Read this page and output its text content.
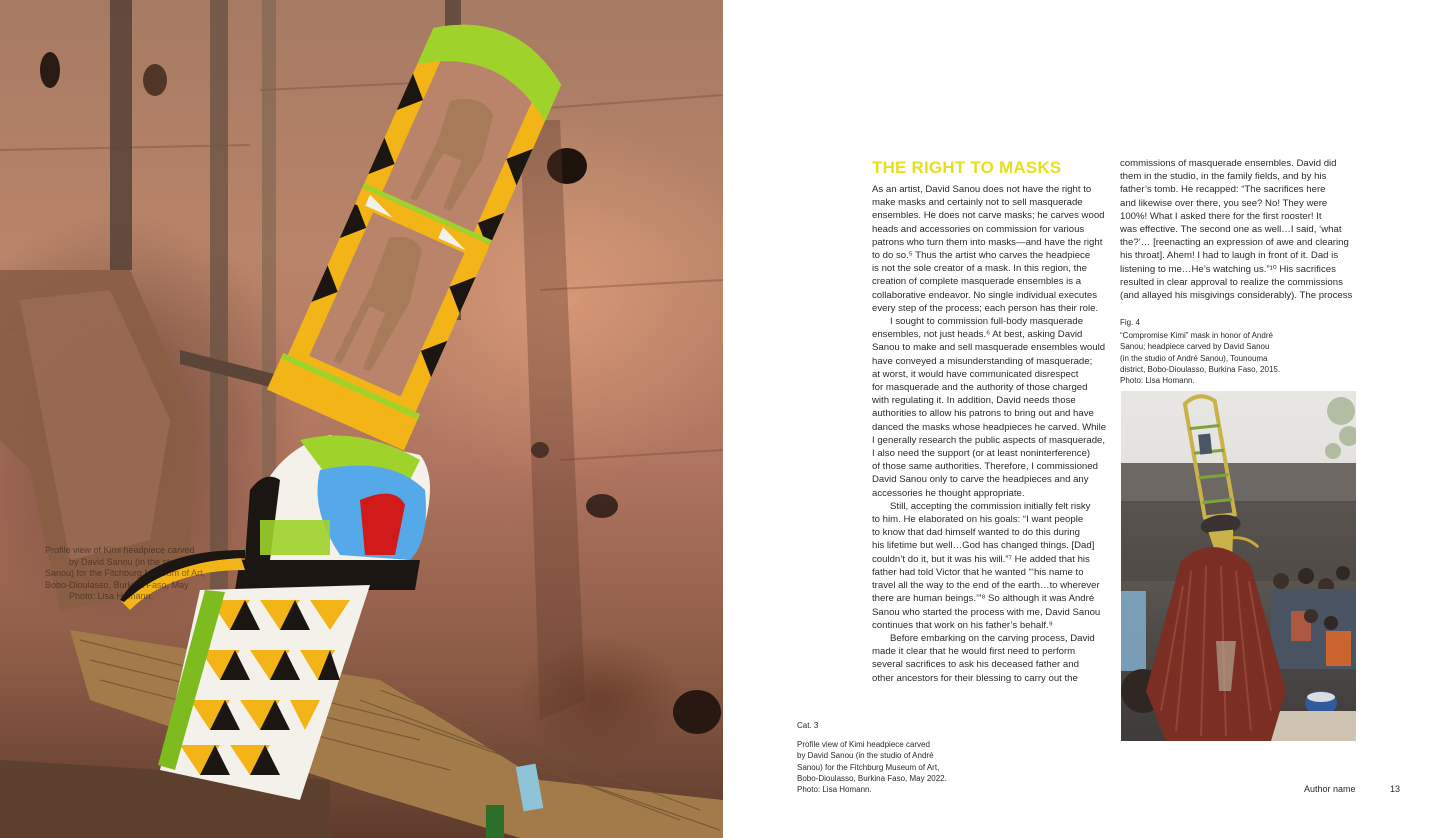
Profile view of Kimi headpiece carved
by David Sanou (in the studio of
Sanou) for the Fitchburg Museum of Art,
Bobo-Dioulasso, Burkina Faso, May
Photo: Lisa Homann.
THE RIGHT TO MASKS

As an artist, David Sanou does not have the right to

make masks and certainly not to sell masquerade

ensembles. He does not carve masks; he carves wood

heads and accessories on commission for various

patrons who turn them into masks—and have the right

to do so.⁵ Thus the artist who carves the headpiece

is not the sole creator of a mask. In this region, the

creation of complete masquerade ensembles is a

collaborative endeavor. No single individual executes

every step of the process; each person has their role.

I sought to commission full-body masquerade

ensembles, not just heads.⁶ At best, asking David

Sanou to make and sell masquerade ensembles would

have conveyed a misunderstanding of masquerade;

at worst, it would have communicated disrespect

for masquerade and the authority of those charged

with regulating it. In addition, David needs those

authorities to allow his patrons to bring out and have

danced the masks whose headpieces he carved. While

I generally research the public aspects of masquerade,

I also need the support (or at least noninterference)

of those same authorities. Therefore, I commissioned

David Sanou only to carve the headpieces and any

accessories he thought appropriate.

Still, accepting the commission initially felt risky

to him. He elaborated on his goals: “I want people

to know that dad himself wanted to do this during

his lifetime but well…God has changed things. [Dad]

couldn’t do it, but it was his will.”⁷ He added that his

father had told Victor that he wanted “‘his name to

travel all the way to the end of the earth…to wherever

there are human beings.’”⁸ So although it was André

Sanou who started the process with me, David Sanou

continues that work on his father’s behalf.⁹

Before embarking on the carving process, David

made it clear that he would first need to perform

several sacrifices to ask his deceased father and

other ancestors for their blessing to carry out the

commissions of masquerade ensembles. David did

them in the studio, in the family fields, and by his

father’s tomb. He recapped: “The sacrifices here

and likewise over there, you see? No! They were

100%! What I asked there for the first rooster! It

was effective. The second one as well…I said, ‘what

the?’… [reenacting an expression of awe and clearing

his throat]. Ahem! I had to laugh in front of it. Dad is

listening to me…He’s watching us.”¹⁰ His sacrifices

resulted in clear approval to realize the commissions

(and allayed his misgivings considerably). The process

Fig. 4
“Compromise Kimi” mask in honor of André
Sanou; headpiece carved by David Sanou
(in the studio of André Sanou), Tounouma
district, Bobo-Dioulasso, Burkina Faso, 2015.
Photo: Lisa Homann.
Cat. 3
Profile view of Kimi headpiece carved
by David Sanou (in the studio of André
Sanou) for the Fitchburg Museum of Art,
Bobo-Dioulasso, Burkina Faso, May 2022.
Photo: Lisa Homann.	Author name	13
